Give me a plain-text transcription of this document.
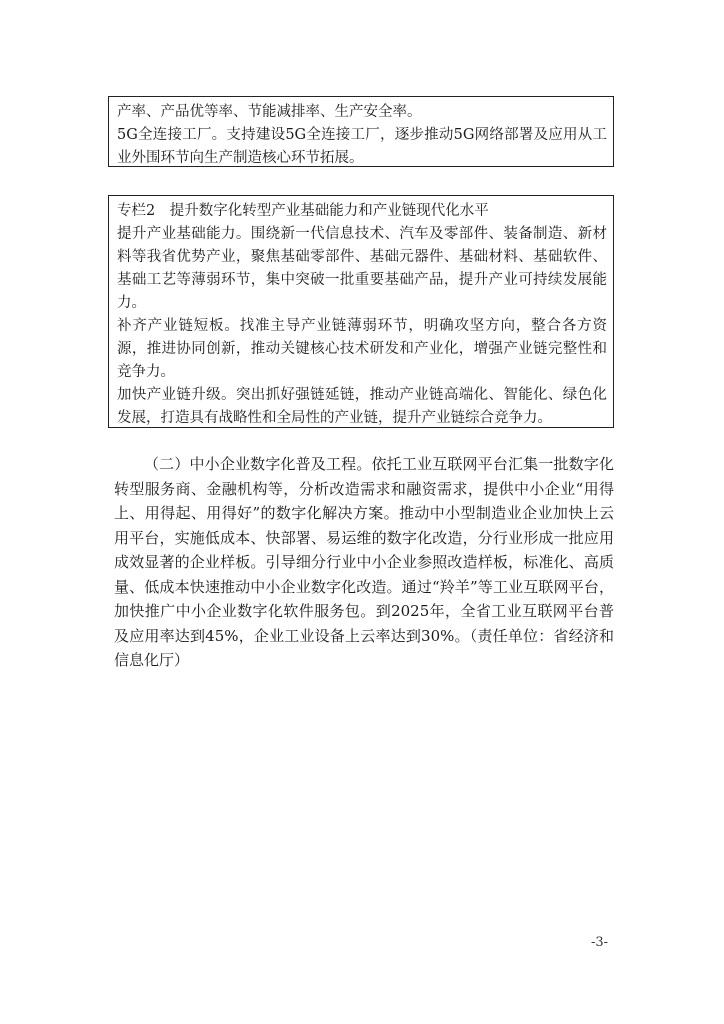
产率、产品优等率、节能减排率、生产安全率。

5G全连接工厂。支持建设5G全连接工厂，逐步推动5G网络部署及应用从工业外围环节向生产制造核心环节拓展。

专栏2　提升数字化转型产业基础能力和产业链现代化水平

提升产业基础能力。围绕新一代信息技术、汽车及零部件、装备制造、新材料等我省优势产业，聚焦基础零部件、基础元器件、基础材料、基础软件、基础工艺等薄弱环节，集中突破一批重要基础产品，提升产业可持续发展能力。

补齐产业链短板。找准主导产业链薄弱环节，明确攻坚方向，整合各方资源，推进协同创新，推动关键核心技术研发和产业化，增强产业链完整性和竞争力。

加快产业链升级。突出抓好强链延链，推动产业链高端化、智能化、绿色化发展，打造具有战略性和全局性的产业链，提升产业链综合竞争力。

（二）中小企业数字化普及工程。依托工业互联网平台汇集一批数字化转型服务商、金融机构等，分析改造需求和融资需求，提供中小企业“用得上、用得起、用得好”的数字化解决方案。推动中小型制造业企业加快上云用平台，实施低成本、快部署、易运维的数字化改造，分行业形成一批应用成效显著的企业样板。引导细分行业中小企业参照改造样板，标准化、高质量、低成本快速推动中小企业数字化改造。通过“羚羊”等工业互联网平台，加快推广中小企业数字化软件服务包。到2025年，全省工业互联网平台普及应用率达到45%，企业工业设备上云率达到30%。（责任单位：省经济和信息化厅）

-3-
